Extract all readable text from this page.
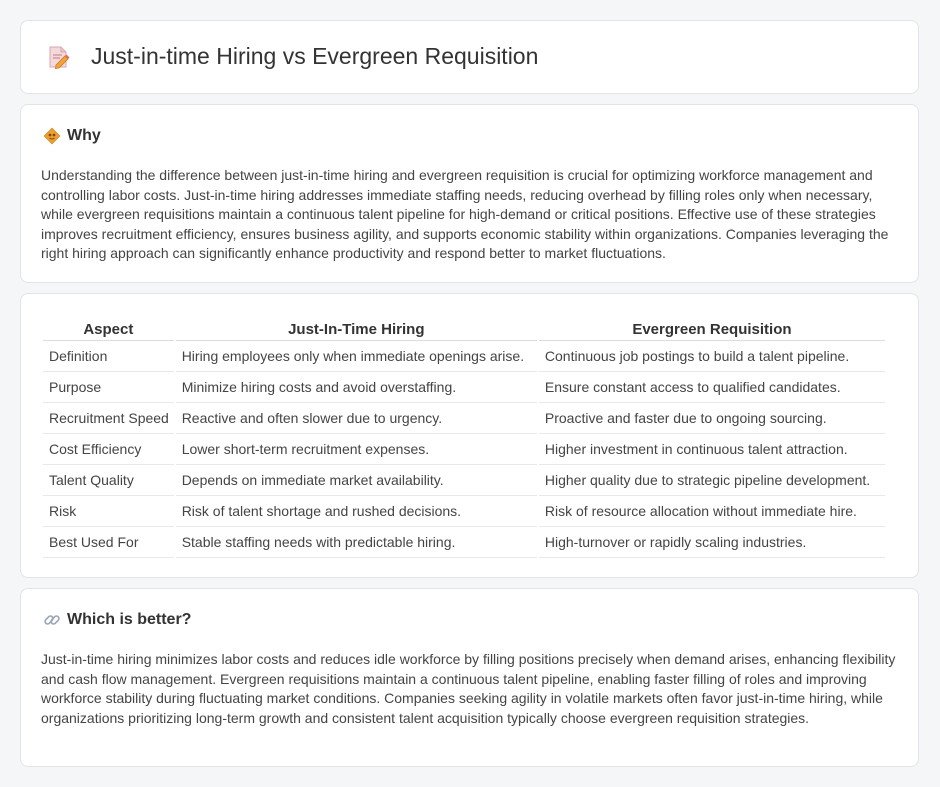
Just-in-time Hiring vs Evergreen Requisition
Why

Understanding the difference between just-in-time hiring and evergreen requisition is crucial for optimizing workforce management and controlling labor costs. Just-in-time hiring addresses immediate staffing needs, reducing overhead by filling roles only when necessary, while evergreen requisitions maintain a continuous talent pipeline for high-demand or critical positions. Effective use of these strategies improves recruitment efficiency, ensures business agility, and supports economic stability within organizations. Companies leveraging the right hiring approach can significantly enhance productivity and respond better to market fluctuations.

Aspect	Just-In-Time Hiring	Evergreen Requisition
Definition	Hiring employees only when immediate openings arise.	Continuous job postings to build a talent pipeline.
Purpose	Minimize hiring costs and avoid overstaffing.	Ensure constant access to qualified candidates.
Recruitment Speed	Reactive and often slower due to urgency.	Proactive and faster due to ongoing sourcing.
Cost Efficiency	Lower short-term recruitment expenses.	Higher investment in continuous talent attraction.
Talent Quality	Depends on immediate market availability.	Higher quality due to strategic pipeline development.
Risk	Risk of talent shortage and rushed decisions.	Risk of resource allocation without immediate hire.
Best Used For	Stable staffing needs with predictable hiring.	High-turnover or rapidly scaling industries.
Which is better?

Just-in-time hiring minimizes labor costs and reduces idle workforce by filling positions precisely when demand arises, enhancing flexibility and cash flow management. Evergreen requisitions maintain a continuous talent pipeline, enabling faster filling of roles and improving workforce stability during fluctuating market conditions. Companies seeking agility in volatile markets often favor just-in-time hiring, while organizations prioritizing long-term growth and consistent talent acquisition typically choose evergreen requisition strategies.
